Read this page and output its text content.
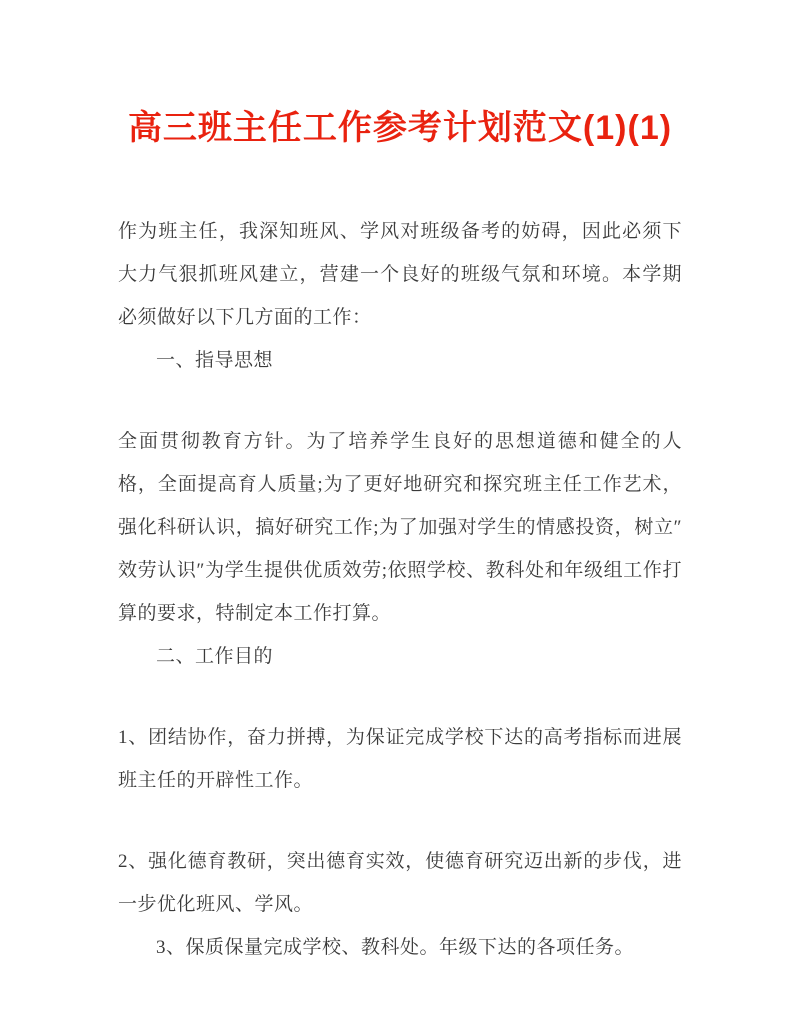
高三班主任工作参考计划范文(1)(1)

作为班主任，我深知班风、学风对班级备考的妨碍，因此必须下大力气狠抓班风建立，营建一个良好的班级气氛和环境。本学期必须做好以下几方面的工作：

一、指导思想

全面贯彻教育方针。为了培养学生良好的思想道德和健全的人格，全面提高育人质量;为了更好地研究和探究班主任工作艺术，强化科研认识，搞好研究工作;为了加强对学生的情感投资，树立″效劳认识″为学生提供优质效劳;依照学校、教科处和年级组工作打算的要求，特制定本工作打算。

二、工作目的

1、团结协作，奋力拼搏，为保证完成学校下达的高考指标而进展班主任的开辟性工作。

2、强化德育教研，突出德育实效，使德育研究迈出新的步伐，进一步优化班风、学风。

3、保质保量完成学校、教科处。年级下达的各项任务。
